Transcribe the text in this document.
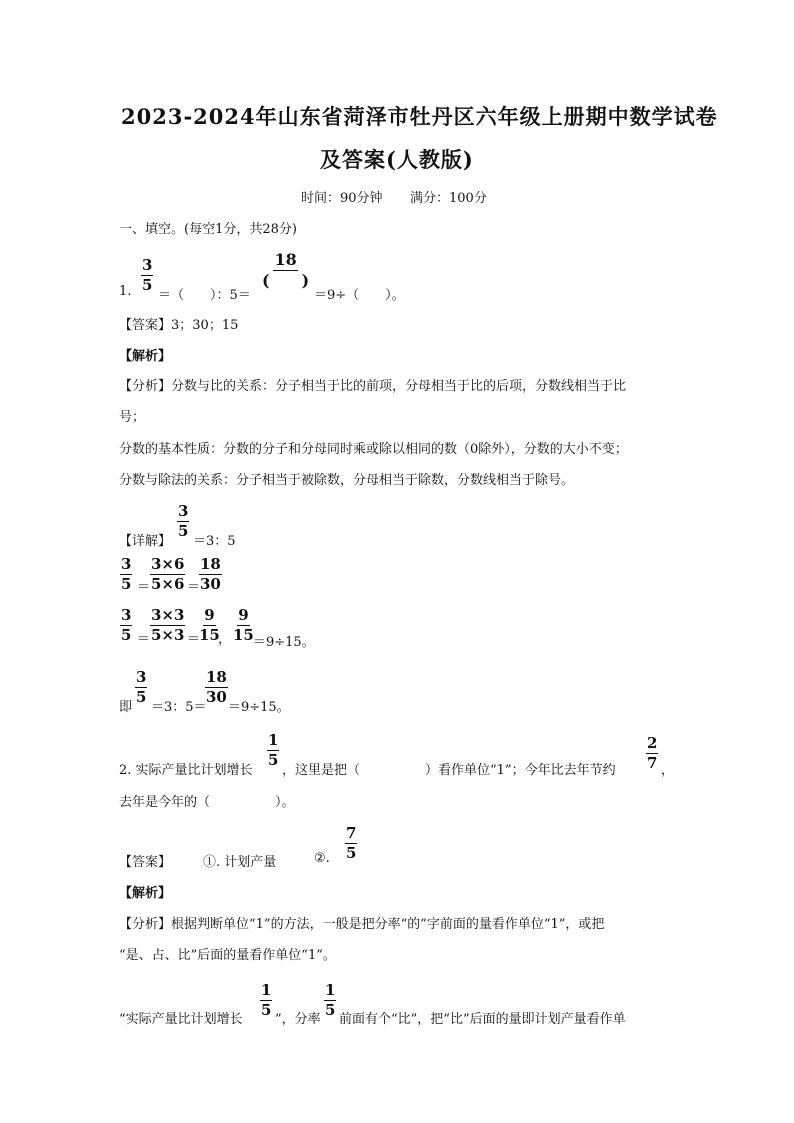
2023-2024年山东省菏泽市牡丹区六年级上册期中数学试卷
及答案(人教版)
时间：90分钟 满分：100分
一、填空。(每空1分，共28分)
1. $\frac{3}{5}$
＝（　　）：5＝
18
(　　)
＝9÷（　　）。
【答案】3；30；15
【解析】
【分析】分数与比的关系：分子相当于比的前项，分母相当于比的后项，分数线相当于比
号；
分数的基本性质：分数的分子和分母同时乘或除以相同的数（0除外），分数的大小不变；
分数与除法的关系：分子相当于被除数，分母相当于除数，分数线相当于除号。
【详解】
$\frac{3}{5}$
＝3：5
$\frac{3}{5} = \frac{3\times 6}{5\times 6}$ ＝
$\frac{18}{30}$
$\frac{3}{5} = \frac{3\times 3}{5\times 3}$ ＝
$\frac{9}{15}$
， $\frac{9}{15} =9\div 15$。
即
$\frac{3}{5}$
＝3：5＝
$\frac{18}{30}$
＝9÷15。
2. 实际产量比计划增长
$\frac{1}{5}$
，这里是把（　　　　　）看作单位“1”；今年比去年节约 $\frac{2}{7}$ ，
去年是今年的（　　　　　）。
【答案】 ①. 计划产量	②. $\frac{7}{5}$
【解析】
【分析】根据判断单位“1”的方法，一般是把分率“的”字前面的量看作单位“1”，或把
“是、占、比”后面的量看作单位“1”。
“实际产量比计划增长
$\frac{1}{5}$
”，分率
$\frac{1}{5}$
前面有个“比”，把“比”后面的量即计划产量看作单
